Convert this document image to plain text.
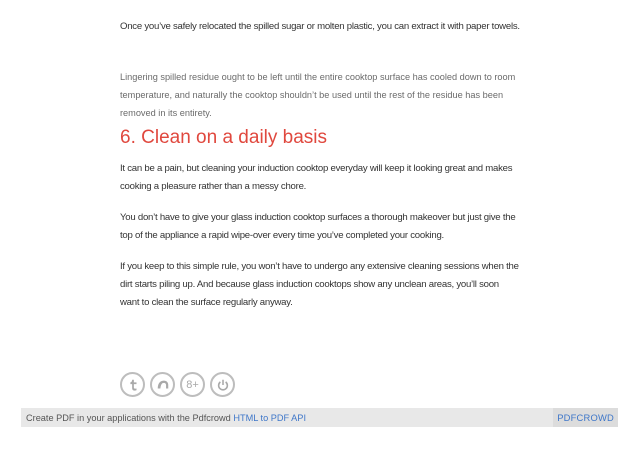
Once you’ve safely relocated the spilled sugar or molten plastic, you can extract it with paper towels.

Lingering spilled residue ought to be left until the entire cooktop surface has cooled down to room temperature, and naturally the cooktop shouldn’t be used until the rest of the residue has been removed in its entirety.

6. Clean on a daily basis

It can be a pain, but cleaning your induction cooktop everyday will keep it looking great and makes cooking a pleasure rather than a messy chore.

You don’t have to give your glass induction cooktop surfaces a thorough makeover but just give the top of the appliance a rapid wipe-over every time you’ve completed your cooking.

If you keep to this simple rule, you won’t have to undergo any extensive cleaning sessions when the dirt starts piling up. And because glass induction cooktops show any unclean areas, you’ll soon want to clean the surface regularly anyway.

8+
Create PDF in your applications with the Pdfcrowd HTML to PDF API	PDFCROWD
